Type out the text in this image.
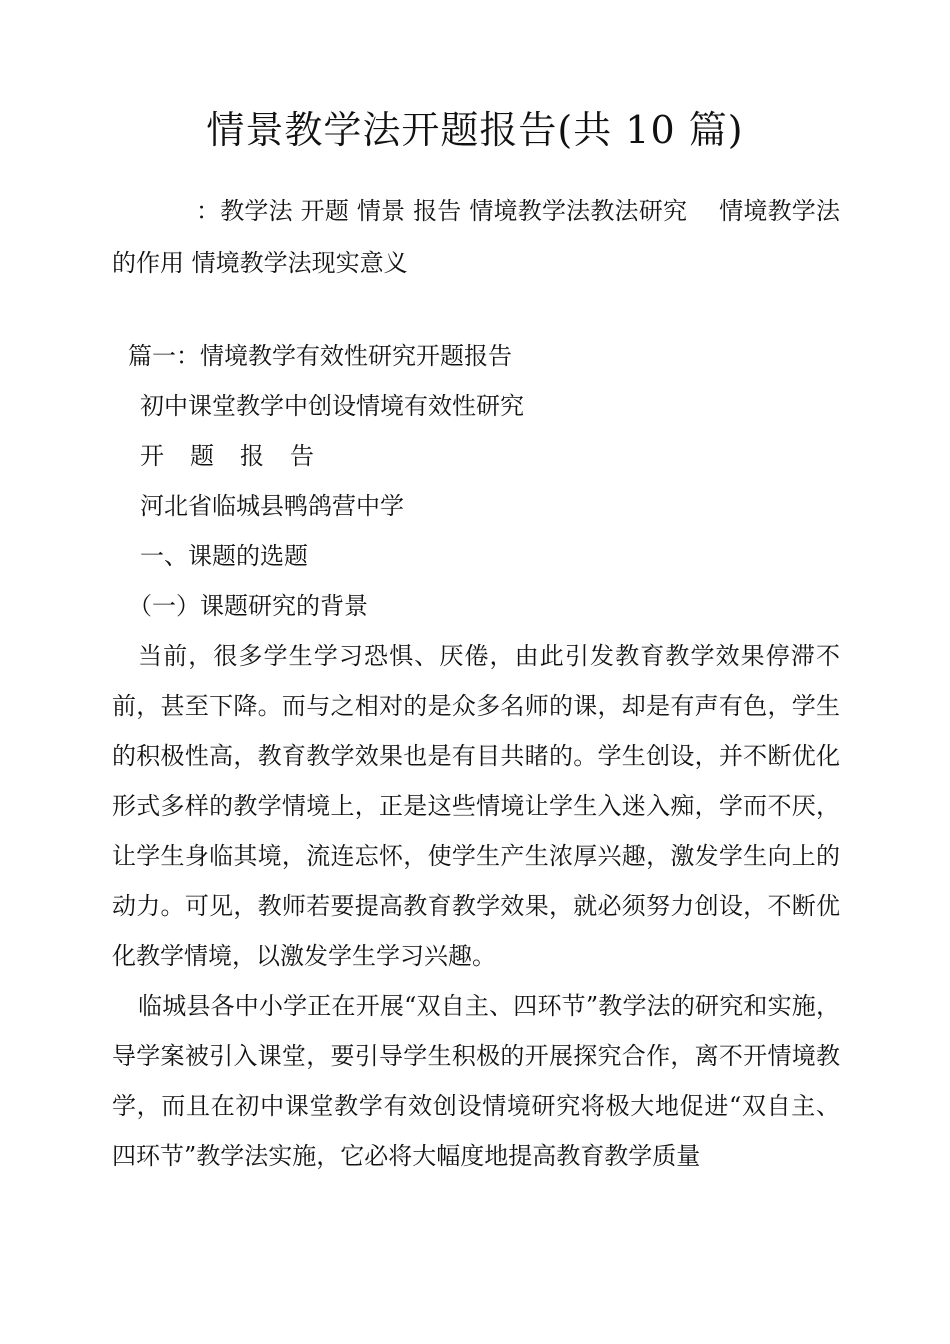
情景教学法开题报告(共 10 篇)

：教学法 开题 情景 报告 情境教学法教法研究　 情境教学法的作用 情境教学法现实意义

篇一：情境教学有效性研究开题报告

初中课堂教学中创设情境有效性研究

开题报告

河北省临城县鸭鸽营中学

一、课题的选题

（一）课题研究的背景

当前，很多学生学习恐惧、厌倦，由此引发教育教学效果停滞不前，甚至下降。而与之相对的是众多名师的课，却是有声有色，学生的积极性高，教育教学效果也是有目共睹的。学生创设，并不断优化形式多样的教学情境上，正是这些情境让学生入迷入痴，学而不厌，让学生身临其境，流连忘怀，使学生产生浓厚兴趣，激发学生向上的动力。可见，教师若要提高教育教学效果，就必须努力创设，不断优化教学情境，以激发学生学习兴趣。

临城县各中小学正在开展“双自主、四环节”教学法的研究和实施，导学案被引入课堂，要引导学生积极的开展探究合作，离不开情境教学，而且在初中课堂教学有效创设情境研究将极大地促进“双自主、四环节”教学法实施，它必将大幅度地提高教育教学质量
